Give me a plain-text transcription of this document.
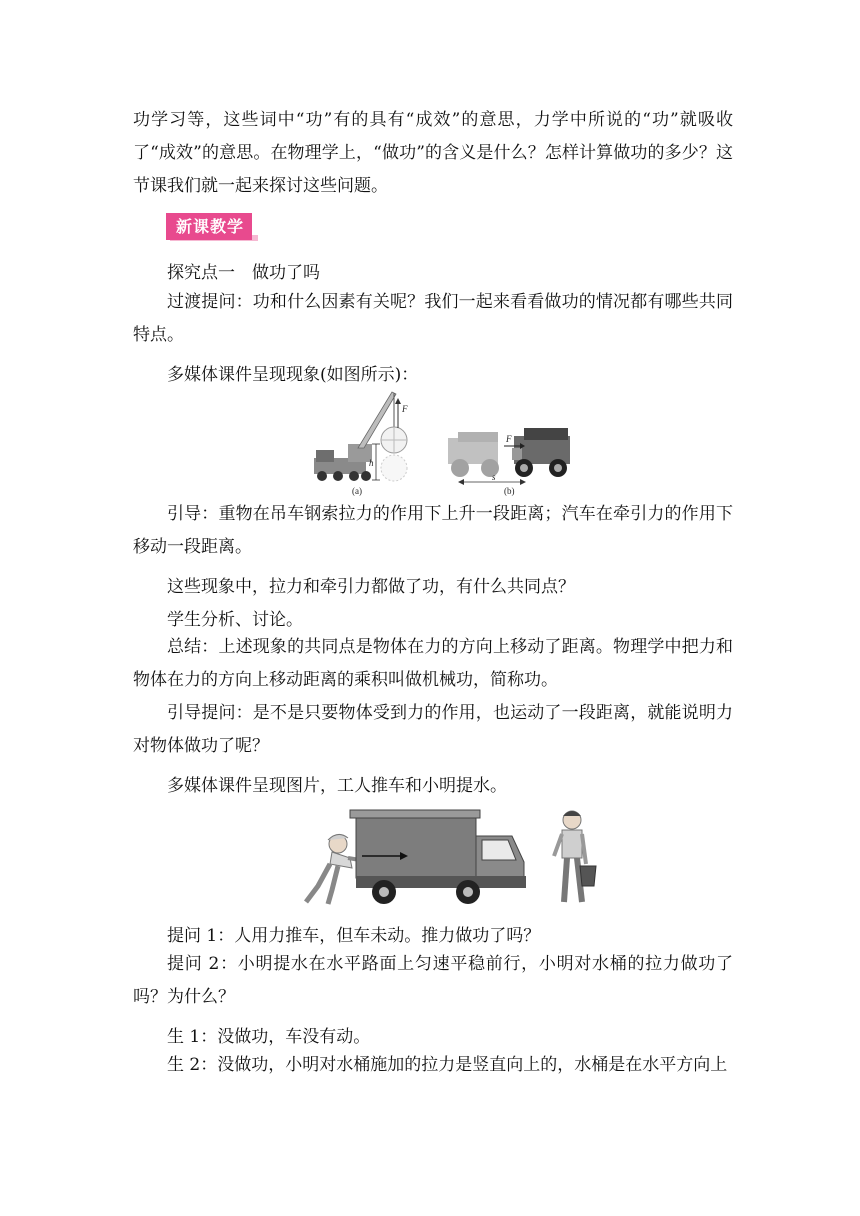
功学习等，这些词中“功”有的具有“成效”的意思，力学中所说的“功”就吸收了“成效”的意思。在物理学上，“做功”的含义是什么？怎样计算做功的多少？这节课我们就一起来探讨这些问题。

新课教学
探究点一　做功了吗

过渡提问：功和什么因素有关呢？我们一起来看看做功的情况都有哪些共同特点。

多媒体课件呈现现象(如图所示)：
F
h
(a)
F
s
(b)

引导：重物在吊车钢索拉力的作用下上升一段距离；汽车在牵引力的作用下移动一段距离。

这些现象中，拉力和牵引力都做了功，有什么共同点？
学生分析、讨论。

总结：上述现象的共同点是物体在力的方向上移动了距离。物理学中把力和物体在力的方向上移动距离的乘积叫做机械功，简称功。

引导提问：是不是只要物体受到力的作用，也运动了一段距离，就能说明力对物体做功了呢？

多媒体课件呈现图片，工人推车和小明提水。
提问 1：人用力推车，但车未动。推力做功了吗？

提问 2：小明提水在水平路面上匀速平稳前行，小明对水桶的拉力做功了吗？为什么？

生 1：没做功，车没有动。

生 2：没做功，小明对水桶施加的拉力是竖直向上的，水桶是在水平方向上
